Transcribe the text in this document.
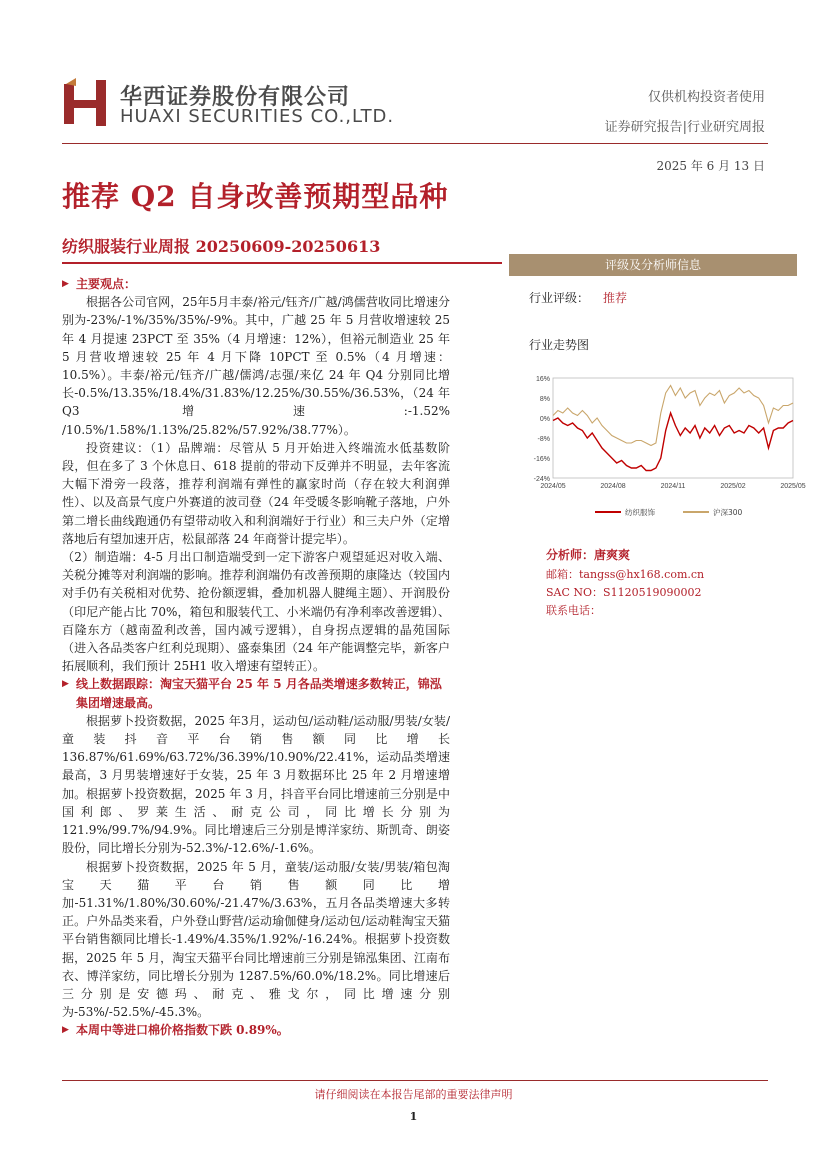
华西证券股份有限公司
HUAXI SECURITIES CO.,LTD.
仅供机构投资者使用
证券研究报告|行业研究周报
2025 年 6 月 13 日
推荐 Q2 自身改善预期型品种
纺织服装行业周报 20250609-20250613
▶ 主要观点：

根据各公司官网，25年5月丰泰/裕元/钰齐/广越/鸿儒营收同比增速分别为-23%/-1%/35%/35%/-9%。其中，广越 25 年 5 月营收增速较 25 年 4 月提速 23PCT 至 35%（4 月增速：12%），但裕元制造业 25 年 5 月营收增速较 25 年 4 月下降 10PCT 至 0.5%（4 月增速：10.5%）。丰泰/裕元/钰齐/广越/儒鸿/志强/来亿 24 年 Q4 分别同比增长-0.5%/13.35%/18.4%/31.83%/12.25%/30.55%/36.53%，（24 年 Q3 增速:-1.52% /10.5%/1.58%/1.13%/25.82%/57.92%/38.77%）。

投资建议：（1）品牌端：尽管从 5 月开始进入终端流水低基数阶段，但在多了 3 个休息日、618 提前的带动下反弹并不明显，去年客流大幅下滑旁一段落，推荐利润端有弹性的赢家时尚（存在较大利润弹性）、以及高景气度户外赛道的波司登（24 年受暖冬影响靴子落地，户外第二增长曲线跑通仍有望带动收入和利润端好于行业）和三夫户外（定增落地后有望加速开店，松鼠部落 24 年商誉计提完毕）。

（2）制造端：4-5 月出口制造端受到一定下游客户观望延迟对收入端、关税分摊等对利润端的影响。推荐利润端仍有改善预期的康隆达（较国内对手仍有关税相对优势、抢份额逻辑，叠加机器人腱绳主题）、开润股份（印尼产能占比 70%，箱包和服装代工、小米端仍有净利率改善逻辑）、百隆东方（越南盈利改善，国内减亏逻辑），自身拐点逻辑的晶苑国际（进入各品类客户红利兑现期）、盛泰集团（24 年产能调整完毕，新客户拓展顺利，我们预计 25H1 收入增速有望转正）。

▶ 线上数据跟踪：淘宝天猫平台 25 年 5 月各品类增速多数转正，锦泓集团增速最高。

根据萝卜投资数据，2025 年3月，运动包/运动鞋/运动服/男装/女装/童装抖音平台销售额同比增长136.87%/61.69%/63.72%/36.39%/10.90%/22.41%，运动品类增速最高，3 月男装增速好于女装，25 年 3 月数据环比 25 年 2 月增速增加。根据萝卜投资数据，2025 年 3 月，抖音平台同比增速前三分别是中国利郎、罗莱生活、耐克公司，同比增长分别为 121.9%/99.7%/94.9%。同比增速后三分别是博洋家纺、斯凯奇、朗姿股份，同比增长分别为-52.3%/-12.6%/-1.6%。

根据萝卜投资数据，2025 年 5 月，童装/运动服/女装/男装/箱包淘宝天猫平台销售额同比增加-51.31%/1.80%/30.60%/-21.47%/3.63%，五月各品类增速大多转正。户外品类来看，户外登山野营/运动瑜伽健身/运动包/运动鞋淘宝天猫平台销售额同比增长-1.49%/4.35%/1.92%/-16.24%。根据萝卜投资数据，2025 年 5 月，淘宝天猫平台同比增速前三分别是锦泓集团、江南布衣、博洋家纺，同比增长分别为 1287.5%/60.0%/18.2%。同比增速后三分别是安德玛、耐克、雅戈尔，同比增速分别为-53%/-52.5%/-45.3%。

▶ 本周中等进口棉价格指数下跌 0.89%。
评级及分析师信息
行业评级： 推荐
行业走势图
16%
8%
0%
-8%
-16%
-24%
2024/05	2024/08	2024/11	2025/02	2025/05
纺织服饰	沪深300
分析师：唐爽爽
邮箱：tangss@hx168.com.cn
SAC NO：S1120519090002
联系电话：
请仔细阅读在本报告尾部的重要法律声明
1
